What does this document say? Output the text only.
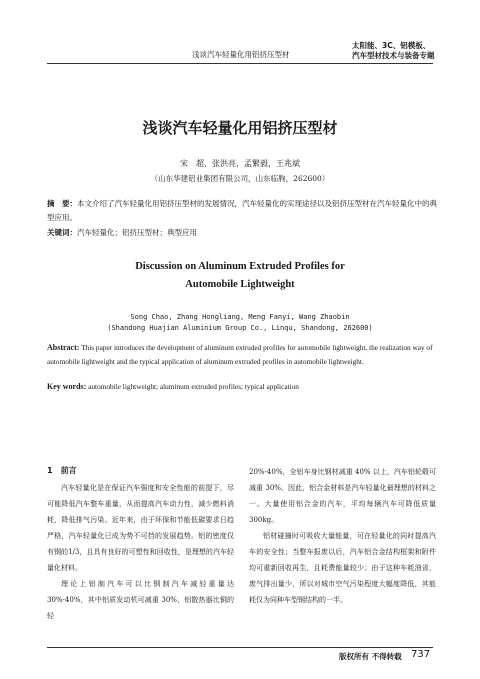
浅谈汽车轻量化用铝挤压型材
太阳能、3C、铝模板、
汽车型材技术与装备专题
浅谈汽车轻量化用铝挤压型材
宋　超，张洪亮，孟繁毅，王兆斌
（山东华建铝业集团有限公司，山东临朐，262600）
摘　要：本文介绍了汽车轻量化用铝挤压型材的发展情况，汽车轻量化的实现途径以及铝挤压型材在汽车轻量化中的典型应用。
关键词：汽车轻量化；铝挤压型材；典型应用
Discussion on Aluminum Extruded Profiles for
Automobile Lightweight
Song Chao, Zhang Hongliang, Meng Fanyi, Wang Zhaobin
(Shandong Huajian Aluminium Group Co., Linqu, Shandong, 262600)
Abstract: This paper introduces the development of aluminum extruded profiles for automobile lightweight, the realization way of automobile lightweight and the typical application of aluminum extruded profiles in automobile lightweight.
Key words: automobile lightweight; aluminum extruded profiles; typical application
1　前言

汽车轻量化是在保证汽车强度和安全性能的前提下，尽可能降低汽车整车重量，从而提高汽车动力性，减少燃料消耗，降低排气污染。近年来，由于环保和节能低碳要求日趋严格，汽车轻量化已成为势不可挡的发展趋势。铝的密度仅有钢的1/3，且具有良好的可塑性和回收性，是理想的汽车轻量化材料。

理论上铝制汽车可以比钢制汽车减轻重量达 30%-40%，其中铝质发动机可减重 30%，铝散热器比铜的轻

20%-40%，全铝车身比钢材减重 40% 以上，汽车铝轮毂可减重 30%。因此，铝合金材料是汽车轻量化最理想的材料之一。大量使用铝合金的汽车，平均每辆汽车可降低质量 300kg。

铝材碰撞时可吸收大量能量，可在轻量化的同时提高汽车的安全性；当整车报废以后，汽车铝合金结构框架和附件均可重新回收再生，且耗费能量较少；由于这种车耗油省，废气排出量少，所以对城市空气污染程度大幅度降低，其能耗仅为同种车型钢结构的一半。

版权所有 不得转载 737
